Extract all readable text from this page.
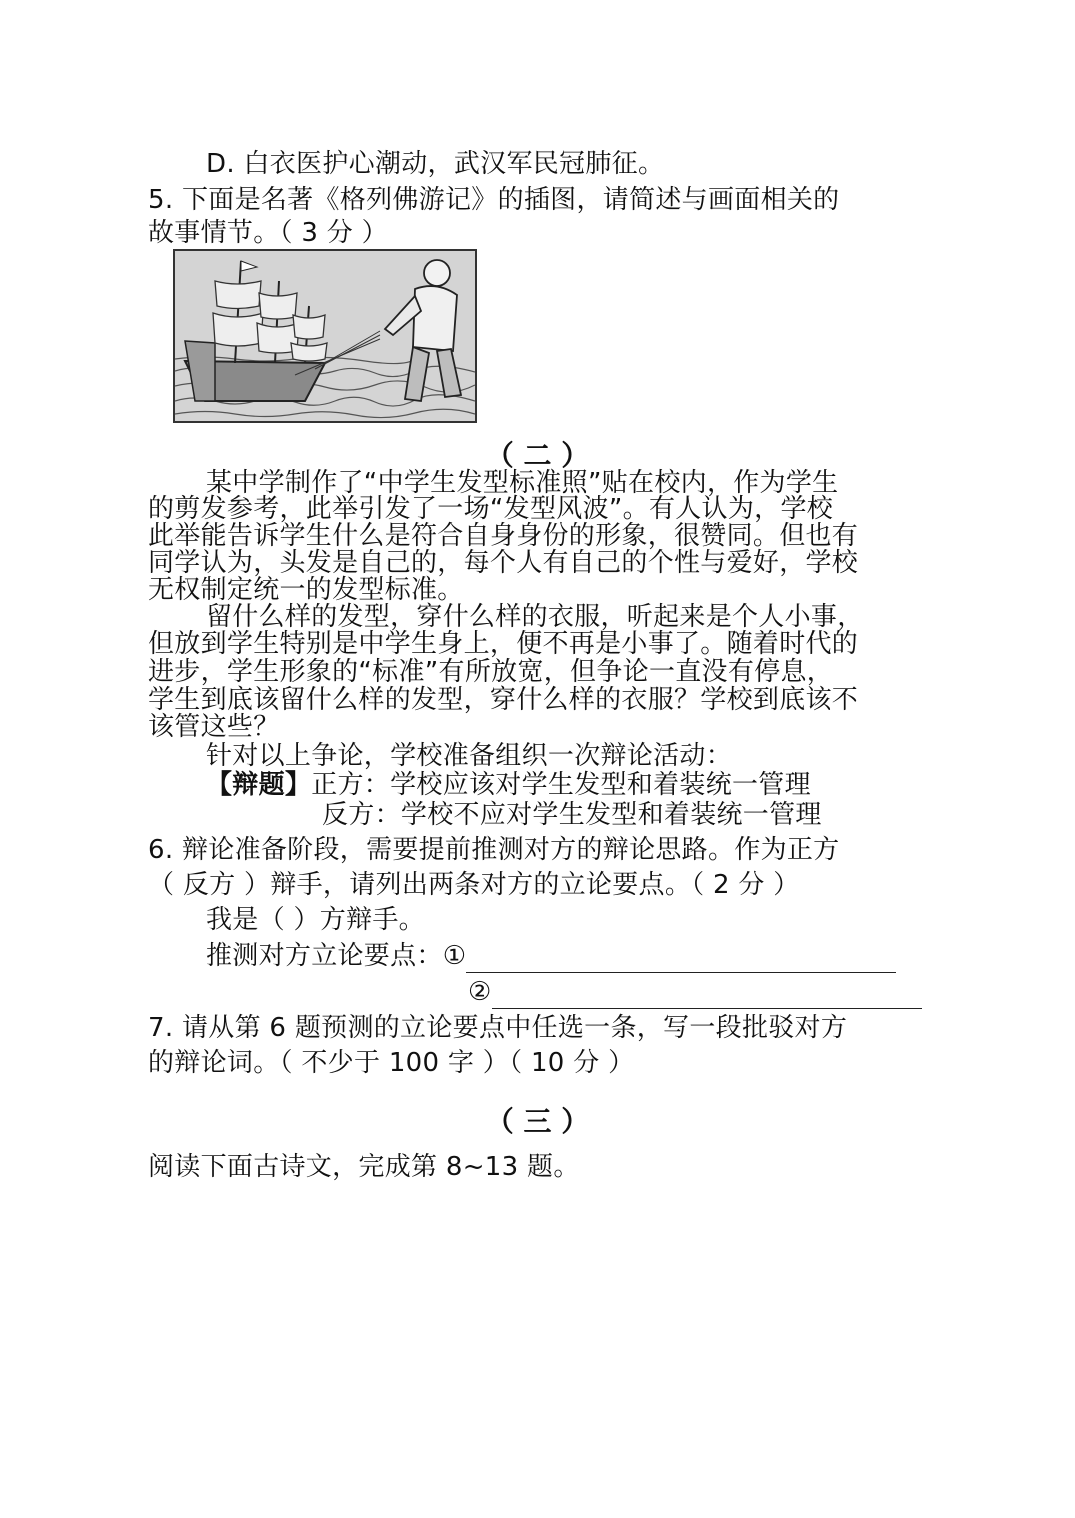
D. 白衣医护心潮动，武汉军民冠肺征。
5. 下面是名著《格列佛游记》的插图，请简述与画面相关的
故事情节。（ 3 分 ）
（ 二 ）
某中学制作了“中学生发型标准照”贴在校内，作为学生
的剪发参考，此举引发了一场“发型风波”。有人认为，学校
此举能告诉学生什么是符合自身身份的形象，很赞同。但也有
同学认为，头发是自己的，每个人有自己的个性与爱好，学校
无权制定统一的发型标准。
留什么样的发型，穿什么样的衣服，听起来是个人小事，
但放到学生特别是中学生身上，便不再是小事了。随着时代的
进步，学生形象的“标准”有所放宽，但争论一直没有停息，
学生到底该留什么样的发型，穿什么样的衣服？学校到底该不
该管这些？
针对以上争论，学校准备组织一次辩论活动：
【辩题】正方：学校应该对学生发型和着装统一管理
反方：学校不应对学生发型和着装统一管理
6. 辩论准备阶段，需要提前推测对方的辩论思路。作为正方
（ 反方 ）辩手，请列出两条对方的立论要点。（ 2 分 ）
我是（ ）方辩手。
推测对方立论要点：①
②
7. 请从第 6 题预测的立论要点中任选一条，写一段批驳对方
的辩论词。（ 不少于 100 字 ）（ 10 分 ）
（ 三 ）
阅读下面古诗文，完成第 8~13 题。
